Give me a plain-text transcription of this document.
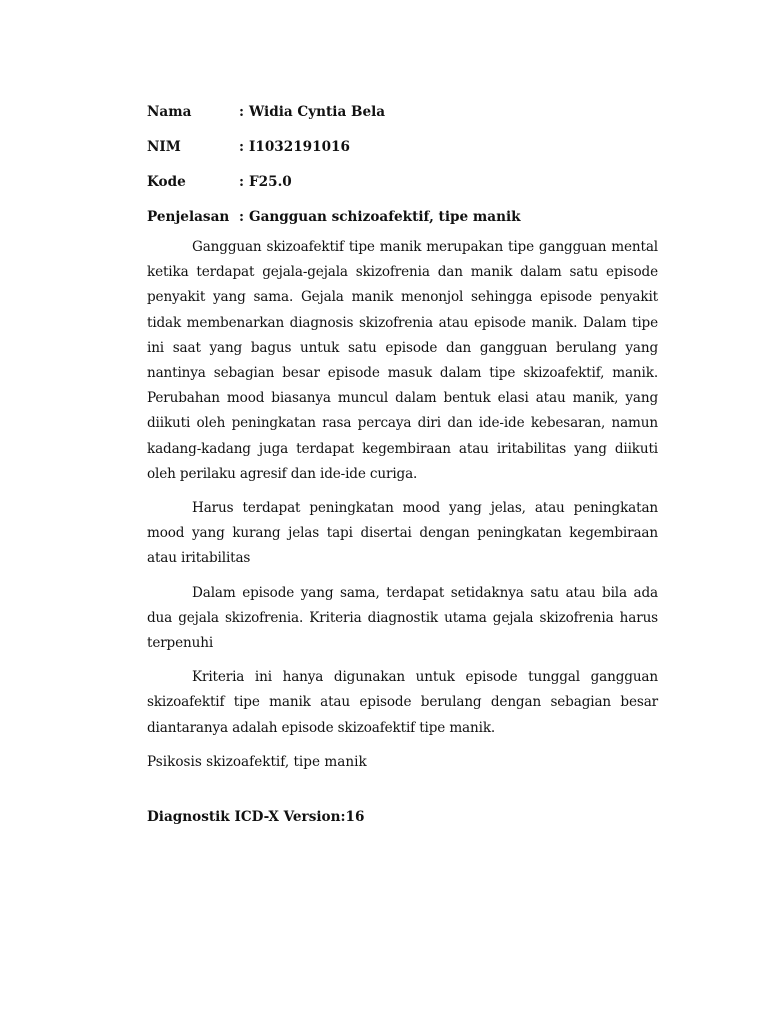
Nama	: Widia Cyntia Bela
NIM	: I1032191016
Kode	: F25.0
Penjelasan : Gangguan schizoafektif, tipe manik

Gangguan skizoafektif tipe manik merupakan tipe gangguan mental ketika terdapat gejala-gejala skizofrenia dan manik dalam satu episode penyakit yang sama. Gejala manik menonjol sehingga episode penyakit tidak membenarkan diagnosis skizofrenia atau episode manik. Dalam tipe ini saat yang bagus untuk satu episode dan gangguan berulang yang nantinya sebagian besar episode masuk dalam tipe skizoafektif, manik. Perubahan mood biasanya muncul dalam bentuk elasi atau manik, yang diikuti oleh peningkatan rasa percaya diri dan ide-ide kebesaran, namun kadang-kadang juga terdapat kegembiraan atau iritabilitas yang diikuti oleh perilaku agresif dan ide-ide curiga.

Harus terdapat peningkatan mood yang jelas, atau peningkatan mood yang kurang jelas tapi disertai dengan peningkatan kegembiraan atau iritabilitas

Dalam episode yang sama, terdapat setidaknya satu atau bila ada dua gejala skizofrenia. Kriteria diagnostik utama gejala skizofrenia harus terpenuhi

Kriteria ini hanya digunakan untuk episode tunggal gangguan skizoafektif tipe manik atau episode berulang dengan sebagian besar diantaranya adalah episode skizoafektif tipe manik.

Psikosis skizoafektif, tipe manik

Diagnostik ICD-X Version:16
